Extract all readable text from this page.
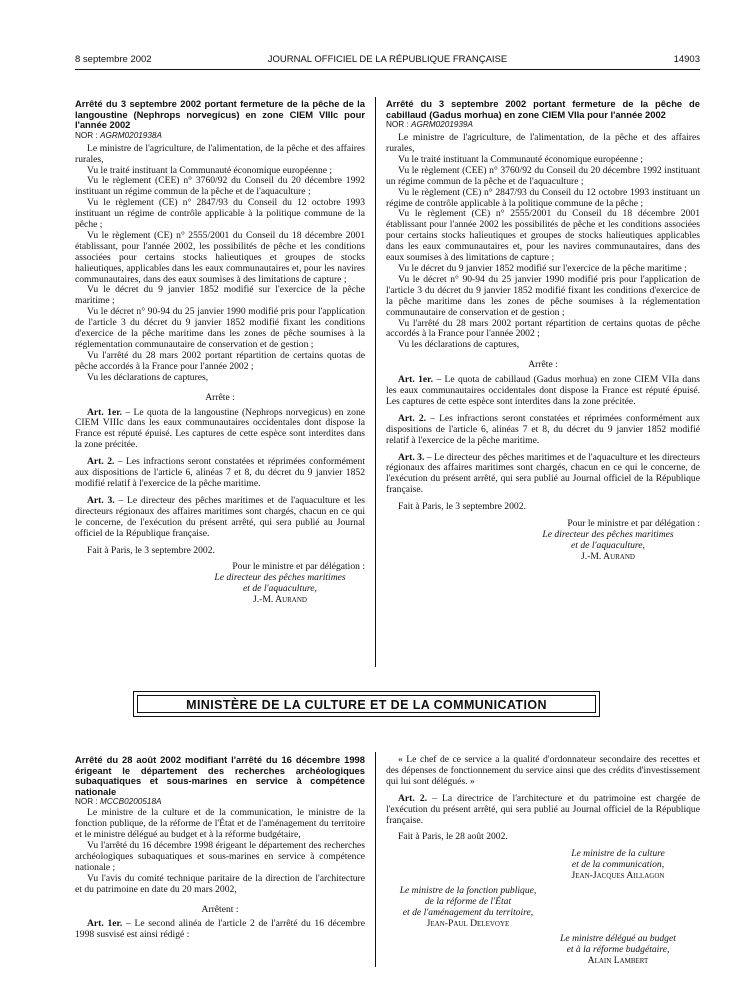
8 septembre 2002	JOURNAL OFFICIEL DE LA RÉPUBLIQUE FRANÇAISE	14903

Arrêté du 3 septembre 2002 portant fermeture de la pêche de la langoustine (Nephrops norvegicus) en zone CIEM VIIIc pour l'année 2002

NOR : AGRM0201938A

Le ministre de l'agriculture, de l'alimentation, de la pêche et des affaires rurales,

Vu le traité instituant la Communauté économique européenne ;

Vu le règlement (CEE) n° 3760/92 du Conseil du 20 décembre 1992 instituant un régime commun de la pêche et de l'aquaculture ;

Vu le règlement (CE) n° 2847/93 du Conseil du 12 octobre 1993 instituant un régime de contrôle applicable à la politique commune de la pêche ;

Vu le règlement (CE) n° 2555/2001 du Conseil du 18 décembre 2001 établissant, pour l'année 2002, les possibilités de pêche et les conditions associées pour certains stocks halieutiques et groupes de stocks halieutiques, applicables dans les eaux communautaires et, pour les navires communautaires, dans des eaux soumises à des limitations de capture ;

Vu le décret du 9 janvier 1852 modifié sur l'exercice de la pêche maritime ;

Vu le décret n° 90-94 du 25 janvier 1990 modifié pris pour l'application de l'article 3 du décret du 9 janvier 1852 modifié fixant les conditions d'exercice de la pêche maritime dans les zones de pêche soumises à la réglementation communautaire de conservation et de gestion ;

Vu l'arrêté du 28 mars 2002 portant répartition de certains quotas de pêche accordés à la France pour l'année 2002 ;

Vu les déclarations de captures,

Arrête :

Art. 1er. – Le quota de la langoustine (Nephrops norvegicus) en zone CIEM VIIIc dans les eaux communautaires occidentales dont dispose la France est réputé épuisé. Les captures de cette espèce sont interdites dans la zone précitée.

Art. 2. – Les infractions seront constatées et réprimées conformément aux dispositions de l'article 6, alinéas 7 et 8, du décret du 9 janvier 1852 modifié relatif à l'exercice de la pêche maritime.

Art. 3. – Le directeur des pêches maritimes et de l'aquaculture et les directeurs régionaux des affaires maritimes sont chargés, chacun en ce qui le concerne, de l'exécution du présent arrêté, qui sera publié au Journal officiel de la République française.

Fait à Paris, le 3 septembre 2002.

Pour le ministre et par délégation :

Le directeur des pêches maritimes

et de l'aquaculture,

J.-M. Aurand

Arrêté du 3 septembre 2002 portant fermeture de la pêche de cabillaud (Gadus morhua) en zone CIEM VIIa pour l'année 2002

NOR : AGRM0201939A

Le ministre de l'agriculture, de l'alimentation, de la pêche et des affaires rurales,

Vu le traité instituant la Communauté économique européenne ;

Vu le règlement (CEE) n° 3760/92 du Conseil du 20 décembre 1992 instituant un régime commun de la pêche et de l'aquaculture ;

Vu le règlement (CE) n° 2847/93 du Conseil du 12 octobre 1993 instituant un régime de contrôle applicable à la politique commune de la pêche ;

Vu le règlement (CE) n° 2555/2001 du Conseil du 18 décembre 2001 établissant pour l'année 2002 les possibilités de pêche et les conditions associées pour certains stocks halieutiques et groupes de stocks halieutiques applicables dans les eaux communautaires et, pour les navires communautaires, dans des eaux soumises à des limitations de capture ;

Vu le décret du 9 janvier 1852 modifié sur l'exercice de la pêche maritime ;

Vu le décret n° 90-94 du 25 janvier 1990 modifié pris pour l'application de l'article 3 du décret du 9 janvier 1852 modifié fixant les conditions d'exercice de la pêche maritime dans les zones de pêche soumises à la réglementation communautaire de conservation et de gestion ;

Vu l'arrêté du 28 mars 2002 portant répartition de certains quotas de pêche accordés à la France pour l'année 2002 ;

Vu les déclarations de captures,

Arrête :

Art. 1er. – Le quota de cabillaud (Gadus morhua) en zone CIEM VIIa dans les eaux communautaires occidentales dont dispose la France est réputé épuisé. Les captures de cette espèce sont interdites dans la zone précitée.

Art. 2. – Les infractions seront constatées et réprimées conformément aux dispositions de l'article 6, alinéas 7 et 8, du décret du 9 janvier 1852 modifié relatif à l'exercice de la pêche maritime.

Art. 3. – Le directeur des pêches maritimes et de l'aquaculture et les directeurs régionaux des affaires maritimes sont chargés, chacun en ce qui le concerne, de l'exécution du présent arrêté, qui sera publié au Journal officiel de la République française.

Fait à Paris, le 3 septembre 2002.

Pour le ministre et par délégation :

Le directeur des pêches maritimes

et de l'aquaculture,

J.-M. Aurand

MINISTÈRE DE LA CULTURE ET DE LA COMMUNICATION

Arrêté du 28 août 2002 modifiant l'arrêté du 16 décembre 1998 érigeant le département des recherches archéologiques subaquatiques et sous-marines en service à compétence nationale

NOR : MCCB0200518A

Le ministre de la culture et de la communication, le ministre de la fonction publique, de la réforme de l'État et de l'aménagement du territoire et le ministre délégué au budget et à la réforme budgétaire,

Vu l'arrêté du 16 décembre 1998 érigeant le département des recherches archéologiques subaquatiques et sous-marines en service à compétence nationale ;

Vu l'avis du comité technique paritaire de la direction de l'architecture et du patrimoine en date du 20 mars 2002,

Arrêtent :

Art. 1er. – Le second alinéa de l'article 2 de l'arrêté du 16 décembre 1998 susvisé est ainsi rédigé :

« Le chef de ce service a la qualité d'ordonnateur secondaire des recettes et des dépenses de fonctionnement du service ainsi que des crédits d'investissement qui lui sont délégués. »

Art. 2. – La directrice de l'architecture et du patrimoine est chargée de l'exécution du présent arrêté, qui sera publié au Journal officiel de la République française.

Fait à Paris, le 28 août 2002.

Le ministre de la culture

et de la communication,

Jean-Jacques Aillagon

Le ministre de la fonction publique,

de la réforme de l'État

et de l'aménagement du territoire,

Jean-Paul Delevoye

Le ministre délégué au budget

et à la réforme budgétaire,

Alain Lambert
